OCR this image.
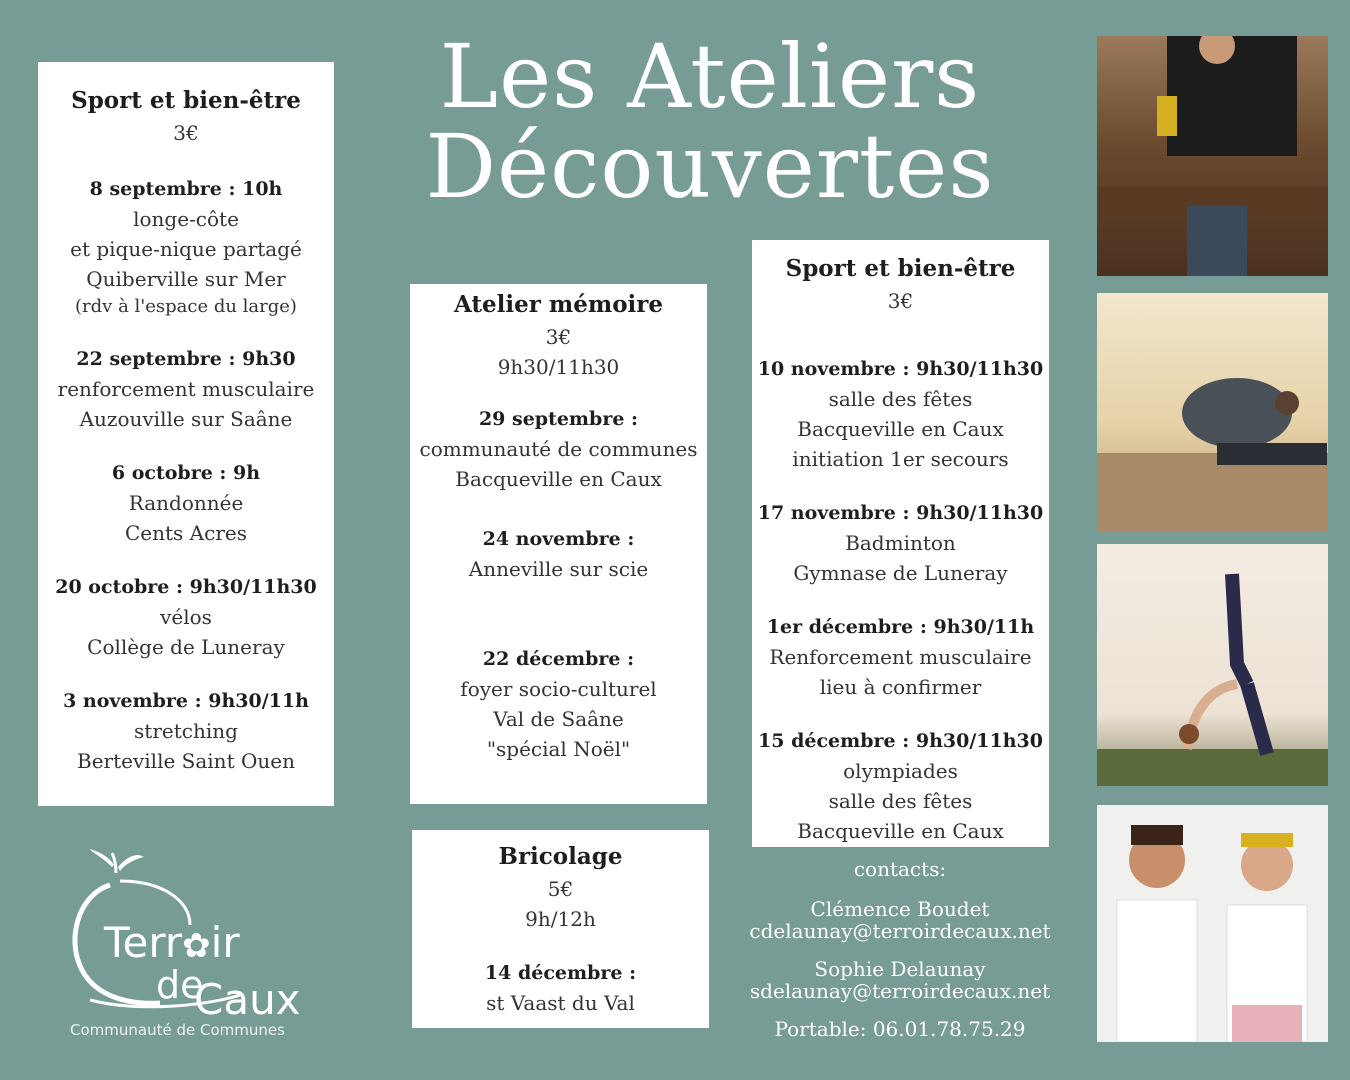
Sport et bien-être
3€
8 septembre : 10h
longe-côte
et pique-nique partagé
Quiberville sur Mer
(rdv à l'espace du large)
22 septembre : 9h30
renforcement musculaire
Auzouville sur Saâne
6 octobre : 9h
Randonnée
Cents Acres
20 octobre : 9h30/11h30
vélos
Collège de Luneray
3 novembre : 9h30/11h
stretching
Berteville Saint Ouen
Les Ateliers
Découvertes
Atelier mémoire
3€
9h30/11h30
29 septembre :
communauté de communes
Bacqueville en Caux
24 novembre :
Anneville sur scie
22 décembre :
foyer socio-culturel
Val de Saâne
"spécial Noël"
Bricolage
5€
9h/12h
14 décembre :
st Vaast du Val
Sport et bien-être
3€
10 novembre : 9h30/11h30
salle des fêtes
Bacqueville en Caux
initiation 1er secours
17 novembre : 9h30/11h30
Badminton
Gymnase de Luneray
1er décembre : 9h30/11h
Renforcement musculaire
lieu à confirmer
15 décembre : 9h30/11h30
olympiades
salle des fêtes
Bacqueville en Caux

contacts:

Clémence Boudet

cdelaunay@terroirdecaux.net

Sophie Delaunay

sdelaunay@terroirdecaux.net

Portable: 06.01.78.75.29

Terr✿ir
de
Caux
Communauté de Communes
